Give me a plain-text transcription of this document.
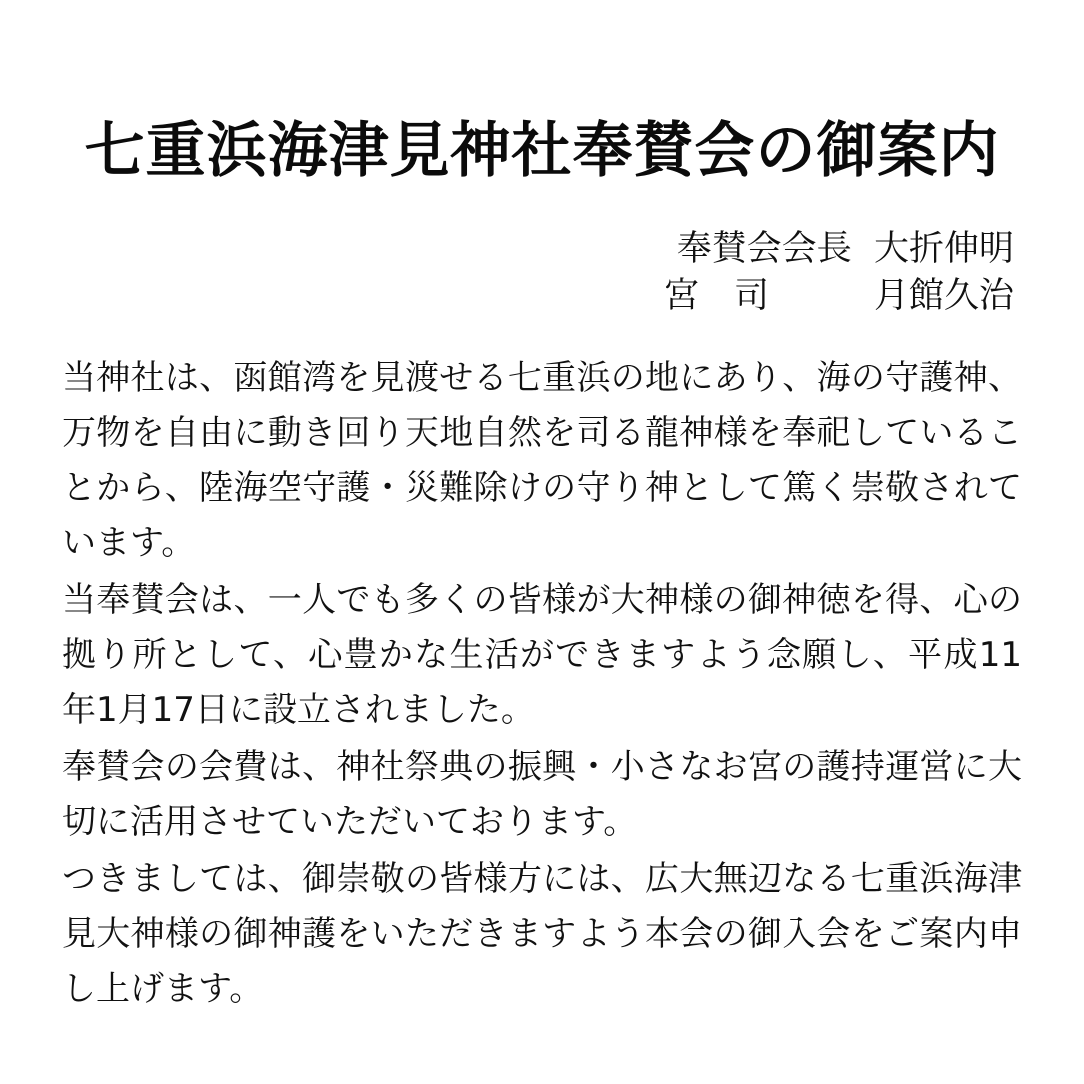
七重浜海津見神社奉賛会の御案内
奉賛会会長  大折伸明
宮　司　　　月館久治

当神社は、函館湾を見渡せる七重浜の地にあり、海の守護神、万物を自由に動き回り天地自然を司る龍神様を奉祀していることから、陸海空守護・災難除けの守り神として篤く崇敬されています。

当奉賛会は、一人でも多くの皆様が大神様の御神徳を得、心の拠り所として、心豊かな生活ができますよう念願し、平成11年1月17日に設立されました。

奉賛会の会費は、神社祭典の振興・小さなお宮の護持運営に大切に活用させていただいております。

つきましては、御崇敬の皆様方には、広大無辺なる七重浜海津見大神様の御神護をいただきますよう本会の御入会をご案内申し上げます。
